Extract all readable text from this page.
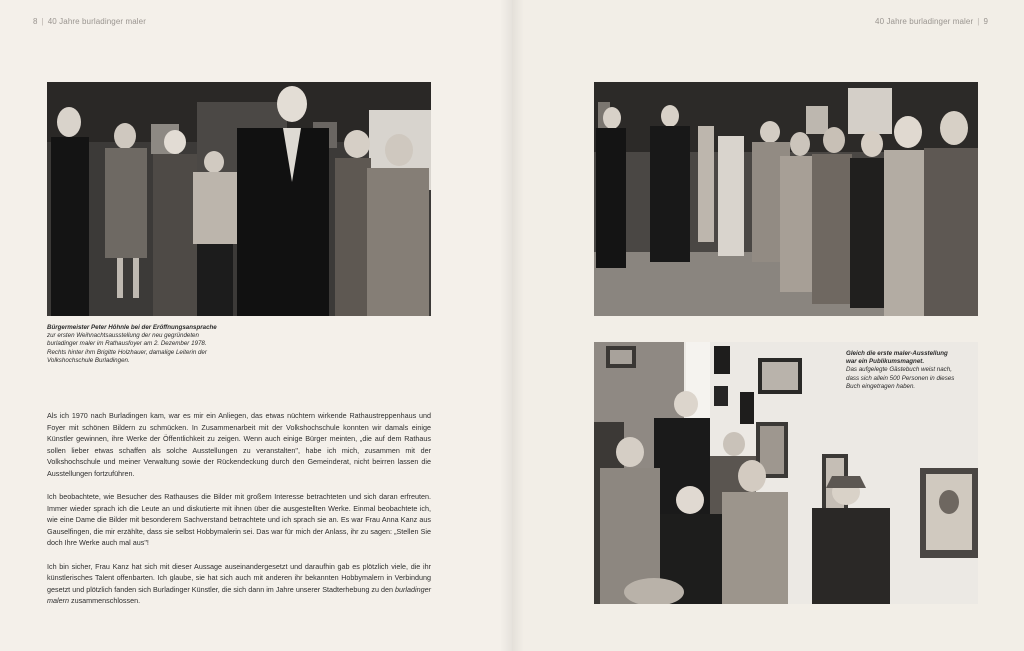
8 | 40 Jahre burladinger maler
Bürgermeister Peter Höhnle bei der Eröffnungsansprache
zur ersten Weihnachtsausstellung der neu gegründeten
burladinger maler im Rathausfoyer am 2. Dezember 1978.
Rechts hinter ihm Brigitte Holzhauer, damalige Leiterin der
Volkshochschule Burladingen.

Als ich 1970 nach Burladingen kam, war es mir ein Anliegen, das etwas nüchtern wirkende Rathaustreppenhaus und Foyer mit schönen Bildern zu schmücken. In Zusammenarbeit mit der Volkshochschule konnten wir damals einige Künstler gewinnen, ihre Werke der Öffentlichkeit zu zeigen. Wenn auch einige Bürger meinten, „die auf dem Rathaus sollen lieber etwas schaffen als solche Ausstellungen zu veranstalten", habe ich mich, zusammen mit der Volkshochschule und meiner Verwaltung sowie der Rückendeckung durch den Gemeinderat, nicht beirren lassen die Ausstellungen fortzuführen.

Ich beobachtete, wie Besucher des Rathauses die Bilder mit großem Interesse betrachteten und sich daran erfreuten. Immer wieder sprach ich die Leute an und diskutierte mit ihnen über die ausgestellten Werke. Einmal beobachtete ich, wie eine Dame die Bilder mit besonderem Sachverstand betrachtete und ich sprach sie an. Es war Frau Anna Kanz aus Gauselfingen, die mir erzählte, dass sie selbst Hobbymalerin sei. Das war für mich der Anlass, ihr zu sagen: „Stellen Sie doch Ihre Werke auch mal aus"!

Ich bin sicher, Frau Kanz hat sich mit dieser Aussage auseinandergesetzt und daraufhin gab es plötzlich viele, die ihr künstlerisches Talent offenbarten. Ich glaube, sie hat sich auch mit anderen ihr bekannten Hobbymalern in Verbindung gesetzt und plötzlich fanden sich Burladinger Künstler, die sich dann im Jahre unserer Stadterhebung zu den burladinger malern zusammenschlossen.

40 Jahre burladinger maler | 9
Gleich die erste maler-Ausstellung
war ein Publikumsmagnet.
Das aufgelegte Gästebuch weist nach,
dass sich allein 500 Personen in dieses
Buch eingetragen haben.
